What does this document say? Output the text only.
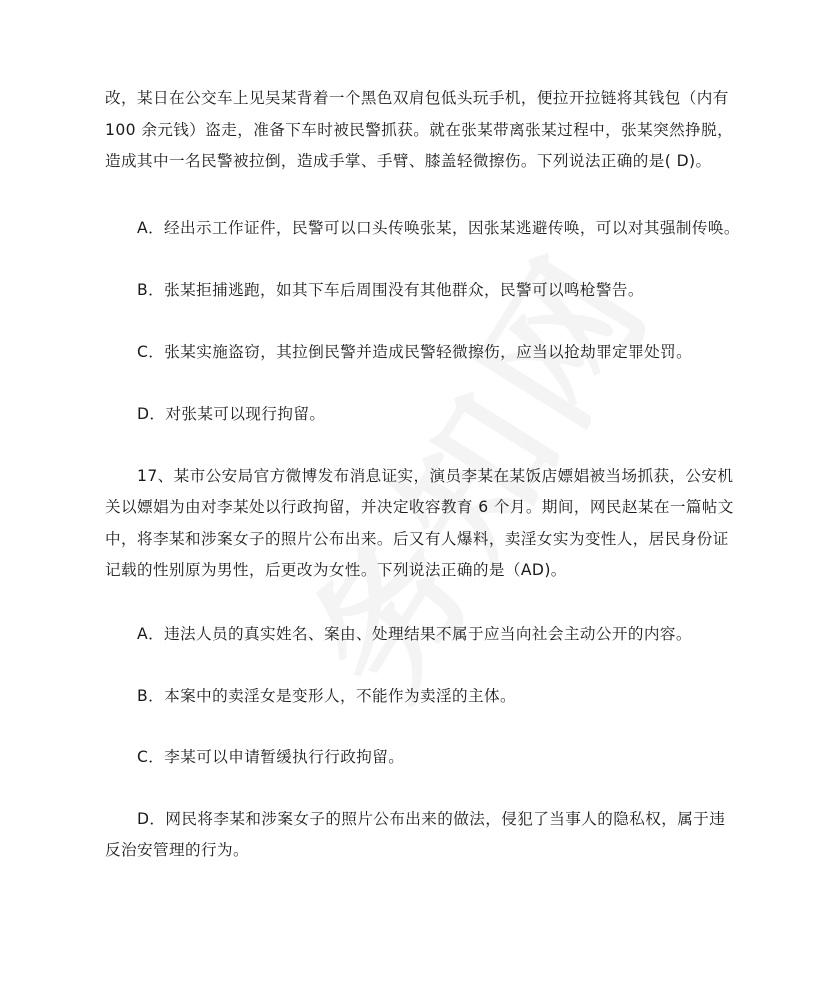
改，某日在公交车上见吴某背着一个黑色双肩包低头玩手机，便拉开拉链将其钱包（内有
100 余元钱）盗走，准备下车时被民警抓获。就在张某带离张某过程中，张某突然挣脱，
造成其中一名民警被拉倒，造成手掌、手臂、膝盖轻微擦伤。下列说法正确的是( D)。
A．经出示工作证件，民警可以口头传唤张某，因张某逃避传唤，可以对其强制传唤。
B．张某拒捕逃跑，如其下车后周围没有其他群众，民警可以鸣枪警告。
C．张某实施盗窃，其拉倒民警并造成民警轻微擦伤，应当以抢劫罪定罪处罚。
D．对张某可以现行拘留。
17、某市公安局官方微博发布消息证实，演员李某在某饭店嫖娼被当场抓获，公安机
关以嫖娼为由对李某处以行政拘留，并决定收容教育 6 个月。期间，网民赵某在一篇帖文
中，将李某和涉案女子的照片公布出来。后又有人爆料，卖淫女实为变性人，居民身份证
记载的性别原为男性，后更改为女性。下列说法正确的是（AD)。
A．违法人员的真实姓名、案由、处理结果不属于应当向社会主动公开的内容。
B．本案中的卖淫女是变形人，不能作为卖淫的主体。
C．李某可以申请暂缓执行行政拘留。
D．网民将李某和涉案女子的照片公布出来的做法，侵犯了当事人的隐私权，属于违
反治安管理的行为。
